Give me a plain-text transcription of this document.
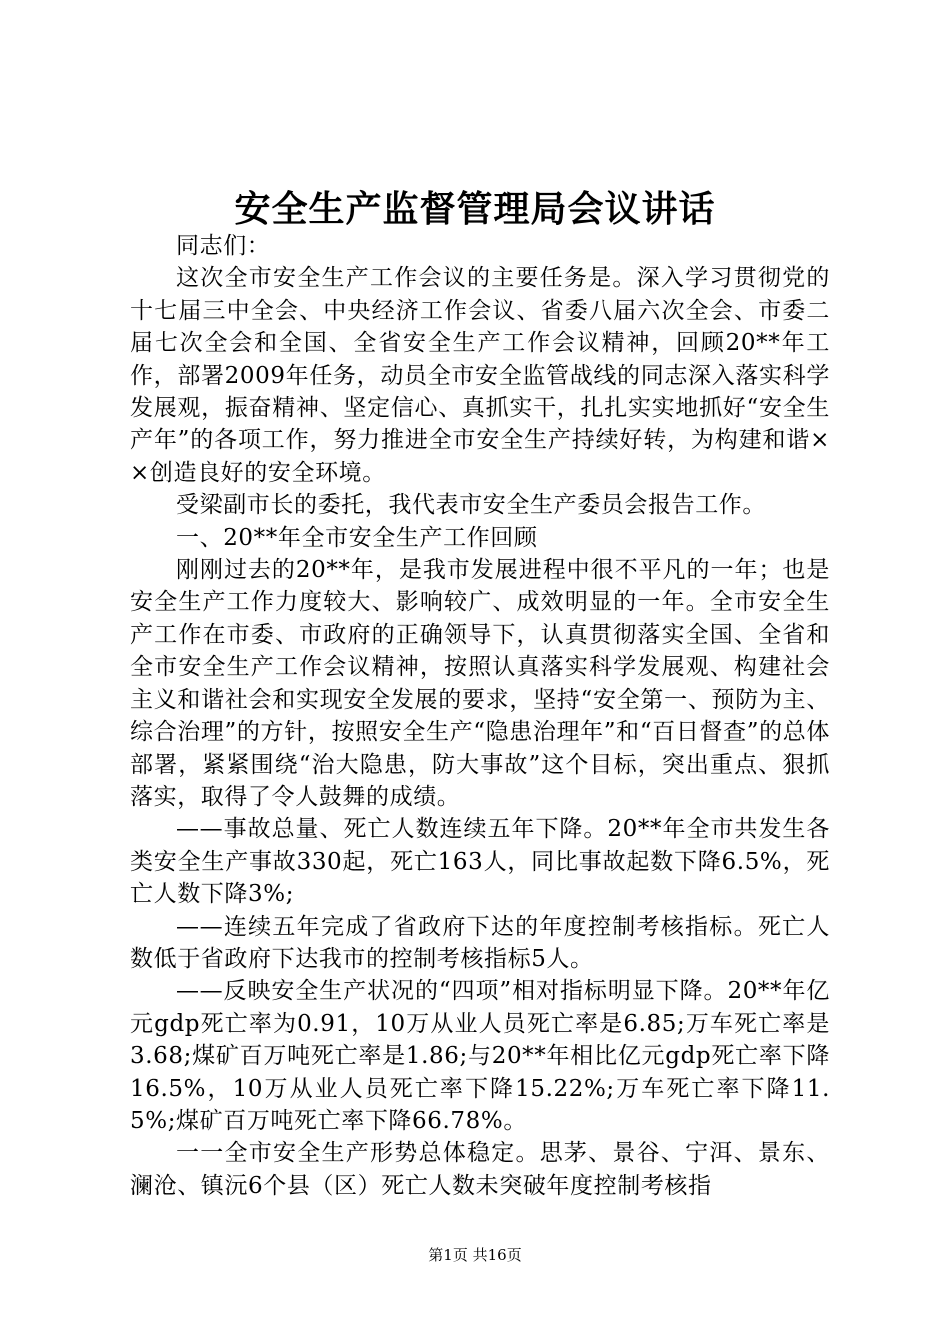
安全生产监督管理局会议讲话

同志们：

这次全市安全生产工作会议的主要任务是。深入学习贯彻党的十七届三中全会、中央经济工作会议、省委八届六次全会、市委二届七次全会和全国、全省安全生产工作会议精神，回顾20**年工作，部署2009年任务，动员全市安全监管战线的同志深入落实科学发展观，振奋精神、坚定信心、真抓实干，扎扎实实地抓好“安全生产年”的各项工作，努力推进全市安全生产持续好转，为构建和谐××创造良好的安全环境。

受梁副市长的委托，我代表市安全生产委员会报告工作。

一、20**年全市安全生产工作回顾

刚刚过去的20**年，是我市发展进程中很不平凡的一年；也是安全生产工作力度较大、影响较广、成效明显的一年。全市安全生产工作在市委、市政府的正确领导下，认真贯彻落实全国、全省和全市安全生产工作会议精神，按照认真落实科学发展观、构建社会主义和谐社会和实现安全发展的要求，坚持“安全第一、预防为主、综合治理”的方针，按照安全生产“隐患治理年”和“百日督查”的总体部署，紧紧围绕“治大隐患，防大事故”这个目标，突出重点、狠抓落实，取得了令人鼓舞的成绩。

——事故总量、死亡人数连续五年下降。20**年全市共发生各类安全生产事故330起，死亡163人，同比事故起数下降6.5%，死亡人数下降3%;

——连续五年完成了省政府下达的年度控制考核指标。死亡人数低于省政府下达我市的控制考核指标5人。

——反映安全生产状况的“四项”相对指标明显下降。20**年亿元gdp死亡率为0.91，10万从业人员死亡率是6.85;万车死亡率是3.68;煤矿百万吨死亡率是1.86;与20**年相比亿元gdp死亡率下降16.5%，10万从业人员死亡率下降15.22%;万车死亡率下降11.5%;煤矿百万吨死亡率下降66.78%。

一一全市安全生产形势总体稳定。思茅、景谷、宁洱、景东、澜沧、镇沅6个县（区）死亡人数未突破年度控制考核指

第1页 共16页
